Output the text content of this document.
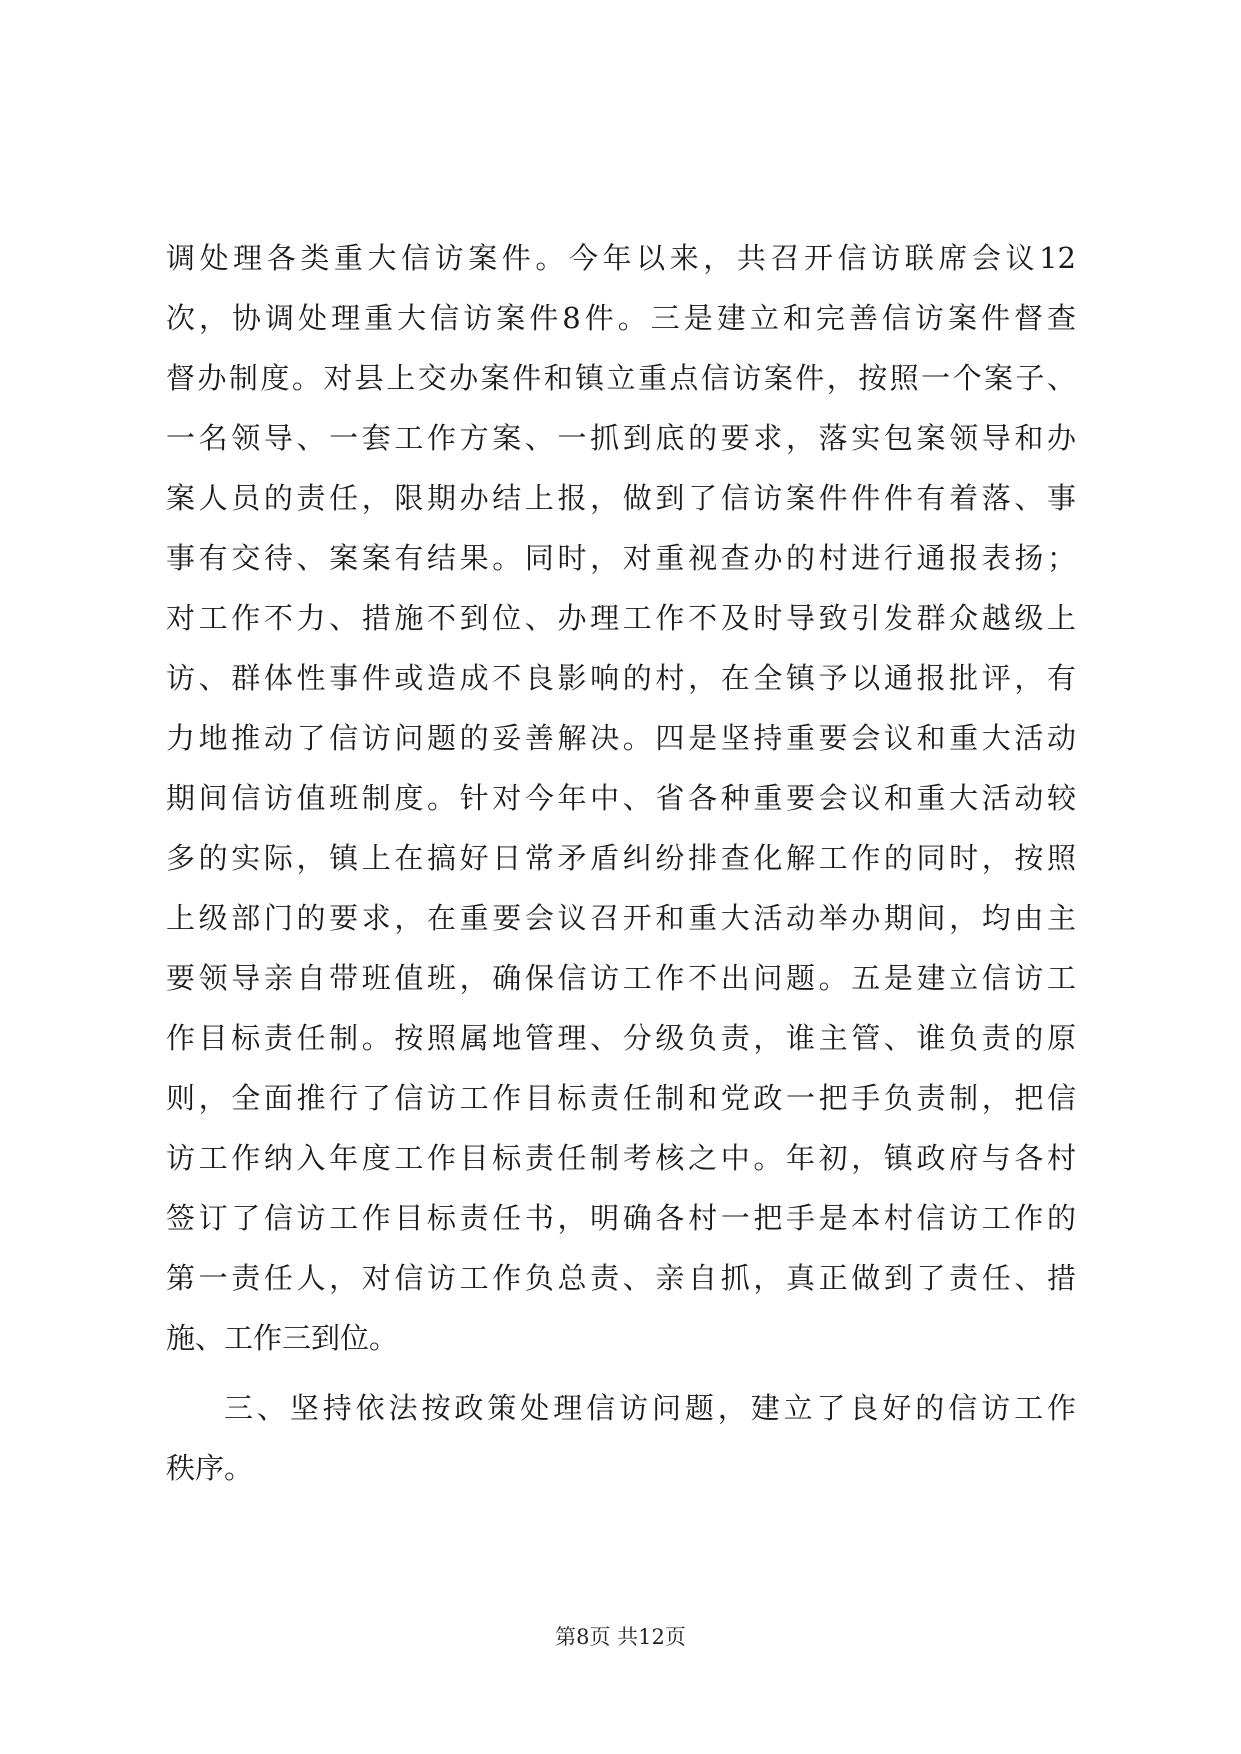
调处理各类重大信访案件。今年以来，共召开信访联席会议12
次，协调处理重大信访案件8件。三是建立和完善信访案件督查
督办制度。对县上交办案件和镇立重点信访案件，按照一个案子、
一名领导、一套工作方案、一抓到底的要求，落实包案领导和办
案人员的责任，限期办结上报，做到了信访案件件件有着落、事
事有交待、案案有结果。同时，对重视查办的村进行通报表扬；
对工作不力、措施不到位、办理工作不及时导致引发群众越级上
访、群体性事件或造成不良影响的村，在全镇予以通报批评，有
力地推动了信访问题的妥善解决。四是坚持重要会议和重大活动
期间信访值班制度。针对今年中、省各种重要会议和重大活动较
多的实际，镇上在搞好日常矛盾纠纷排查化解工作的同时，按照
上级部门的要求，在重要会议召开和重大活动举办期间，均由主
要领导亲自带班值班，确保信访工作不出问题。五是建立信访工
作目标责任制。按照属地管理、分级负责，谁主管、谁负责的原
则，全面推行了信访工作目标责任制和党政一把手负责制，把信
访工作纳入年度工作目标责任制考核之中。年初，镇政府与各村
签订了信访工作目标责任书，明确各村一把手是本村信访工作的
第一责任人，对信访工作负总责、亲自抓，真正做到了责任、措
施、工作三到位。
三、坚持依法按政策处理信访问题，建立了良好的信访工作
秩序。
第8页 共12页
